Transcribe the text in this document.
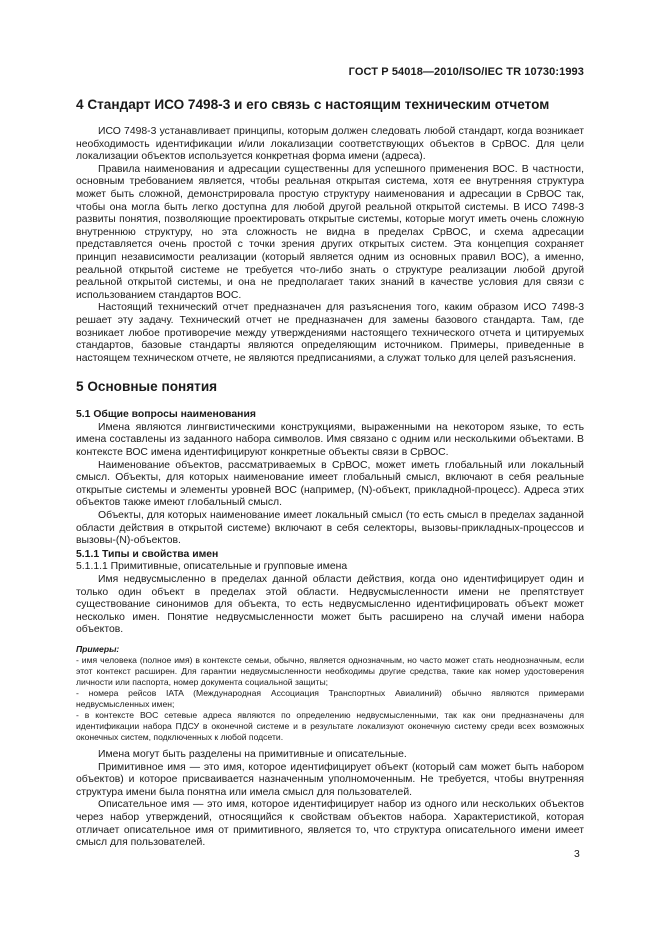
ГОСТ Р 54018—2010/ISO/IEC TR 10730:1993
4 Стандарт ИСО 7498-3 и его связь с настоящим техническим отчетом

ИСО 7498-3 устанавливает принципы, которым должен следовать любой стандарт, когда возникает необходимость идентификации и/или локализации соответствующих объектов в СрВОС. Для цели локализации объектов используется конкретная форма имени (адреса).

Правила наименования и адресации существенны для успешного применения ВОС. В частности, основным требованием является, чтобы реальная открытая система, хотя ее внутренняя структура может быть сложной, демонстрировала простую структуру наименования и адресации в СрВОС так, чтобы она могла быть легко доступна для любой другой реальной открытой системы. В ИСО 7498-3 развиты понятия, позволяющие проектировать открытые системы, которые могут иметь очень сложную внутреннюю структуру, но эта сложность не видна в пределах СрВОС, и схема адресации представляется очень простой с точки зрения других открытых систем. Эта концепция сохраняет принцип независимости реализации (который является одним из основных правил ВОС), а именно, реальной открытой системе не требуется что-либо знать о структуре реализации любой другой реальной открытой системы, и она не предполагает таких знаний в качестве условия для связи с использованием стандартов ВОС.

Настоящий технический отчет предназначен для разъяснения того, каким образом ИСО 7498-3 решает эту задачу. Технический отчет не предназначен для замены базового стандарта. Там, где возникает любое противоречие между утверждениями настоящего технического отчета и цитируемых стандартов, базовые стандарты являются определяющим источником. Примеры, приведенные в настоящем техническом отчете, не являются предписаниями, а служат только для целей разъяснения.

5 Основные понятия
5.1 Общие вопросы наименования

Имена являются лингвистическими конструкциями, выраженными на некотором языке, то есть имена составлены из заданного набора символов. Имя связано с одним или несколькими объектами. В контексте ВОС имена идентифицируют конкретные объекты связи в СрВОС.

Наименование объектов, рассматриваемых в СрВОС, может иметь глобальный или локальный смысл. Объекты, для которых наименование имеет глобальный смысл, включают в себя реальные открытые системы и элементы уровней ВОС (например, (N)-объект, прикладной-процесс). Адреса этих объектов также имеют глобальный смысл.

Объекты, для которых наименование имеет локальный смысл (то есть смысл в пределах заданной области действия в открытой системе) включают в себя селекторы, вызовы-прикладных-процессов и вызовы-(N)-объектов.

5.1.1 Типы и свойства имен

5.1.1.1 Примитивные, описательные и групповые имена

Имя недвусмысленно в пределах данной области действия, когда оно идентифицирует один и только один объект в пределах этой области. Недвусмысленности имени не препятствует существование синонимов для объекта, то есть недвусмысленно идентифицировать объект может несколько имен. Понятие недвусмысленности может быть расширено на случай имени набора объектов.

Примеры:

- имя человека (полное имя) в контексте семьи, обычно, является однозначным, но часто может стать неоднозначным, если этот контекст расширен. Для гарантии недвусмысленности необходимы другие средства, такие как номер удостоверения личности или паспорта, номер документа социальной защиты;

- номера рейсов IATA (Международная Ассоциация Транспортных Авиалиний) обычно являются примерами недвусмысленных имен;

- в контексте ВОС сетевые адреса являются по определению недвусмысленными, так как они предназначены для идентификации набора ПДСУ в оконечной системе и в результате локализуют оконечную систему среди всех возможных оконечных систем, подключенных к любой подсети.

Имена могут быть разделены на примитивные и описательные.

Примитивное имя — это имя, которое идентифицирует объект (который сам может быть набором объектов) и которое присваивается назначенным уполномоченным. Не требуется, чтобы внутренняя структура имени была понятна или имела смысл для пользователей.

Описательное имя — это имя, которое идентифицирует набор из одного или нескольких объектов через набор утверждений, относящийся к свойствам объектов набора. Характеристикой, которая отличает описательное имя от примитивного, является то, что структура описательного имени имеет смысл для пользователей.

3
